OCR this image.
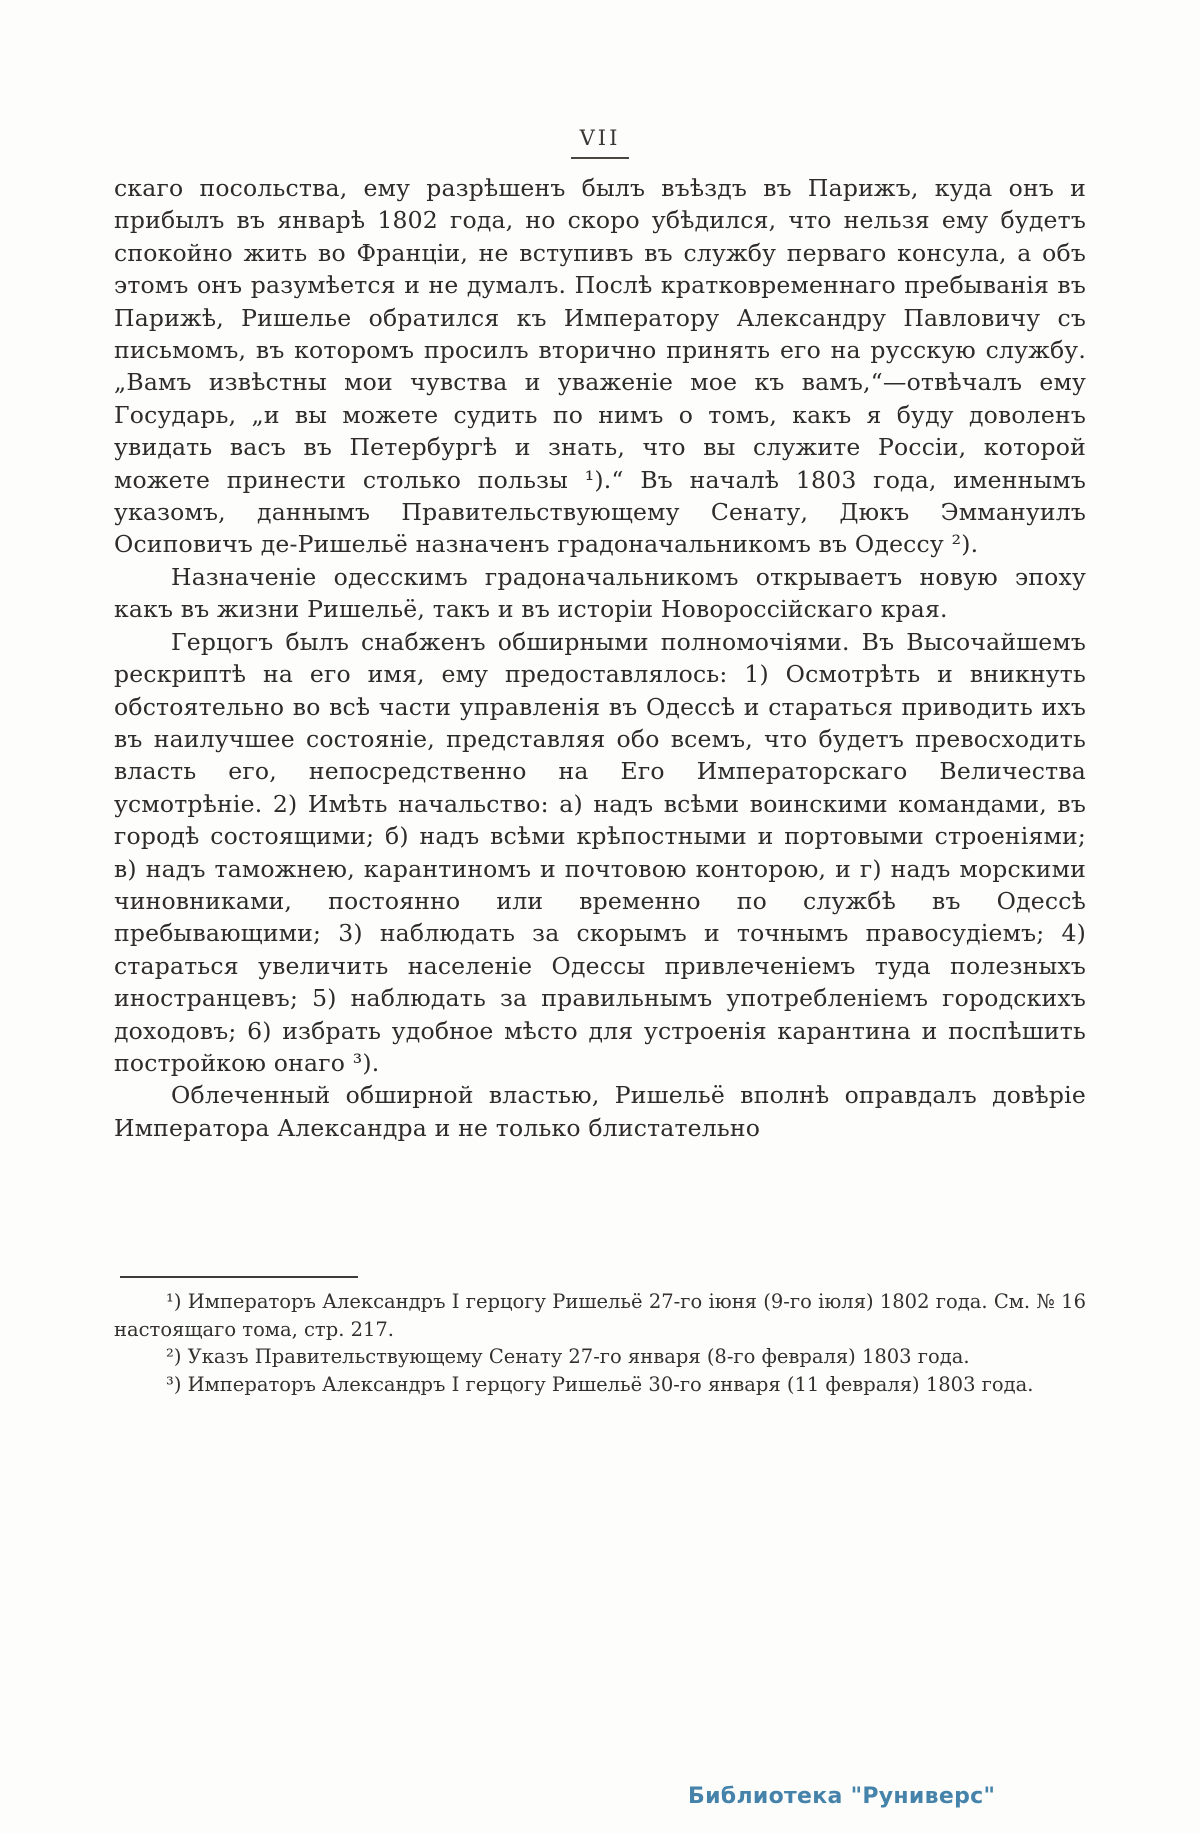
VII

скаго посольства, ему разрѣшенъ былъ въѣздъ въ Парижъ, куда онъ и прибылъ въ январѣ 1802 года, но скоро убѣдился, что нельзя ему будетъ спокойно жить во Франціи, не вступивъ въ службу перваго консула, а объ этомъ онъ разумѣется и не думалъ. Послѣ кратковременнаго пребыванія въ Парижѣ, Ришелье обратился къ Императору Александру Павловичу съ письмомъ, въ которомъ просилъ вторично принять его на русскую службу. „Вамъ извѣстны мои чувства и уваженіе мое къ вамъ,“—отвѣчалъ ему Государь, „и вы можете судить по нимъ о томъ, какъ я буду доволенъ увидать васъ въ Петербургѣ и знать, что вы служите Россіи, которой можете принести столько пользы ¹).“ Въ началѣ 1803 года, именнымъ указомъ, даннымъ Правительствующему Сенату, Дюкъ Эммануилъ Осиповичъ де-Ришельё назначенъ градоначальникомъ въ Одессу ²).

Назначеніе одесскимъ градоначальникомъ открываетъ новую эпоху какъ въ жизни Ришельё, такъ и въ исторіи Новороссійскаго края.

Герцогъ былъ снабженъ обширными полномочіями. Въ Высочайшемъ рескриптѣ на его имя, ему предоставлялось: 1) Осмотрѣть и вникнуть обстоятельно во всѣ части управленія въ Одессѣ и стараться приводить ихъ въ наилучшее состояніе, представляя обо всемъ, что будетъ превосходить власть его, непосредственно на Его Императорскаго Величества усмотрѣніе. 2) Имѣть начальство: а) надъ всѣми воинскими командами, въ городѣ состоящими; б) надъ всѣми крѣпостными и портовыми строеніями; в) надъ таможнею, карантиномъ и почтовою конторою, и г) надъ морскими чиновниками, постоянно или временно по службѣ въ Одессѣ пребывающими; 3) наблюдать за скорымъ и точнымъ правосудіемъ; 4) стараться увеличить населеніе Одессы привлеченіемъ туда полезныхъ иностранцевъ; 5) наблюдать за правильнымъ употребленіемъ городскихъ доходовъ; 6) избрать удобное мѣсто для устроенія карантина и поспѣшить постройкою онаго ³).

Облеченный обширной властью, Ришельё вполнѣ оправдалъ довѣріе Императора Александра и не только блистательно

¹) Императоръ Александръ I герцогу Ришельё 27-го іюня (9-го іюля) 1802 года. См. № 16 настоящаго тома, стр. 217.

²) Указъ Правительствующему Сенату 27-го января (8-го февраля) 1803 года.

³) Императоръ Александръ I герцогу Ришельё 30-го января (11 февраля) 1803 года.

Библиотека "Руниверс"
